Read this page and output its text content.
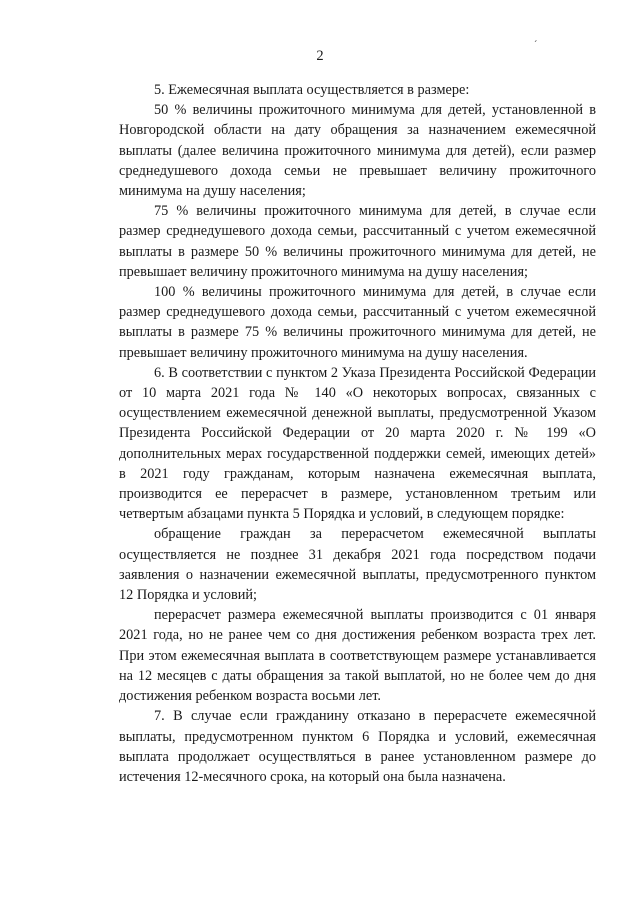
2
ˊ

5. Ежемесячная выплата осуществляется в размере:

50 % величины прожиточного минимума для детей, установленной в Новгородской области на дату обращения за назначением ежемесячной выплаты (далее величина прожиточного минимума для детей), если размер среднедушевого дохода семьи не превышает величину прожиточного минимума на душу населения;

75 % величины прожиточного минимума для детей, в случае если размер среднедушевого дохода семьи, рассчитанный с учетом ежемесячной выплаты в размере 50 % величины прожиточного минимума для детей, не превышает величину прожиточного минимума на душу населения;

100 % величины прожиточного минимума для детей, в случае если размер среднедушевого дохода семьи, рассчитанный с учетом ежемесячной выплаты в размере 75 % величины прожиточного минимума для детей, не превышает величину прожиточного минимума на душу населения.

6. В соответствии с пунктом 2 Указа Президента Российской Федерации от 10 марта 2021 года № 140 «О некоторых вопросах, связанных с осуществлением ежемесячной денежной выплаты, предусмотренной Указом Президента Российской Федерации от 20 марта 2020 г. № 199 «О дополнительных мерах государственной поддержки семей, имеющих детей» в 2021 году гражданам, которым назначена ежемесячная выплата, производится ее перерасчет в размере, установленном третьим или четвертым абзацами пункта 5 Порядка и условий, в следующем порядке:

обращение граждан за перерасчетом ежемесячной выплаты осуществляется не позднее 31 декабря 2021 года посредством подачи заявления о назначении ежемесячной выплаты, предусмотренного пунктом 12 Порядка и условий;

перерасчет размера ежемесячной выплаты производится с 01 января 2021 года, но не ранее чем со дня достижения ребенком возраста трех лет. При этом ежемесячная выплата в соответствующем размере устанавливается на 12 месяцев с даты обращения за такой выплатой, но не более чем до дня достижения ребенком возраста восьми лет.

7. В случае если гражданину отказано в перерасчете ежемесячной выплаты, предусмотренном пунктом 6 Порядка и условий, ежемесячная выплата продолжает осуществляться в ранее установленном размере до истечения 12-месячного срока, на который она была назначена.
